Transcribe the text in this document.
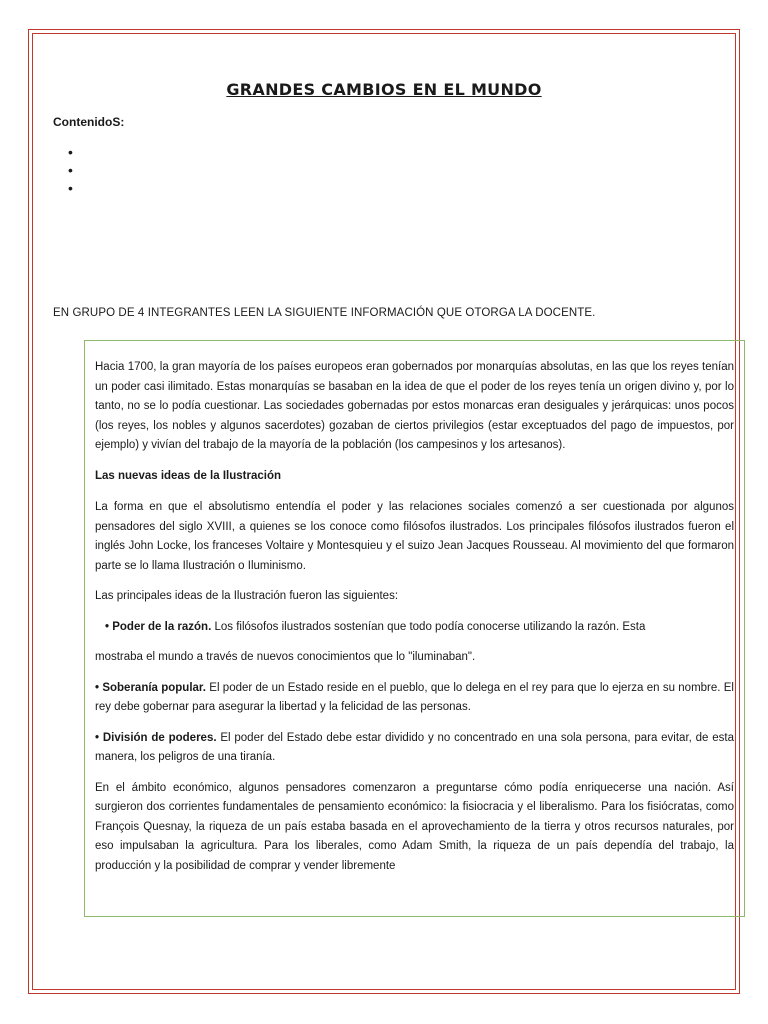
GRANDES CAMBIOS EN EL MUNDO
ContenidoS:
•
•
•
EN GRUPO DE 4 INTEGRANTES LEEN LA SIGUIENTE INFORMACIÓN QUE OTORGA LA DOCENTE.

Hacia 1700, la gran mayoría de los países europeos eran gobernados por monarquías absolutas, en las que los reyes tenían un poder casi ilimitado. Estas monarquías se basaban en la idea de que el poder de los reyes tenía un origen divino y, por lo tanto, no se lo podía cuestionar. Las sociedades gobernadas por estos monarcas eran desiguales y jerárquicas: unos pocos (los reyes, los nobles y algunos sacerdotes) gozaban de ciertos privilegios (estar exceptuados del pago de impuestos, por ejemplo) y vivían del trabajo de la mayoría de la población (los campesinos y los artesanos).

Las nuevas ideas de la Ilustración

La forma en que el absolutismo entendía el poder y las relaciones sociales comenzó a ser cuestionada por algunos pensadores del siglo XVIII, a quienes se los conoce como filósofos ilustrados. Los principales filósofos ilustrados fueron el inglés John Locke, los franceses Voltaire y Montesquieu y el suizo Jean Jacques Rousseau. Al movimiento del que formaron parte se lo llama Ilustración o Iluminismo.

Las principales ideas de la Ilustración fueron las siguientes:

• Poder de la razón. Los filósofos ilustrados sostenían que todo podía conocerse utilizando la razón. Esta

mostraba el mundo a través de nuevos conocimientos que lo "iluminaban".

• Soberanía popular. El poder de un Estado reside en el pueblo, que lo delega en el rey para que lo ejerza en su nombre. El rey debe gobernar para asegurar la libertad y la felicidad de las personas.

• División de poderes. El poder del Estado debe estar dividido y no concentrado en una sola persona, para evitar, de esta manera, los peligros de una tiranía.

En el ámbito económico, algunos pensadores comenzaron a preguntarse cómo podía enriquecerse una nación. Así surgieron dos corrientes fundamentales de pensamiento económico: la fisiocracia y el liberalismo. Para los fisiócratas, como François Quesnay, la riqueza de un país estaba basada en el aprovechamiento de la tierra y otros recursos naturales, por eso impulsaban la agricultura. Para los liberales, como Adam Smith, la riqueza de un país dependía del trabajo, la producción y la posibilidad de comprar y vender libremente
